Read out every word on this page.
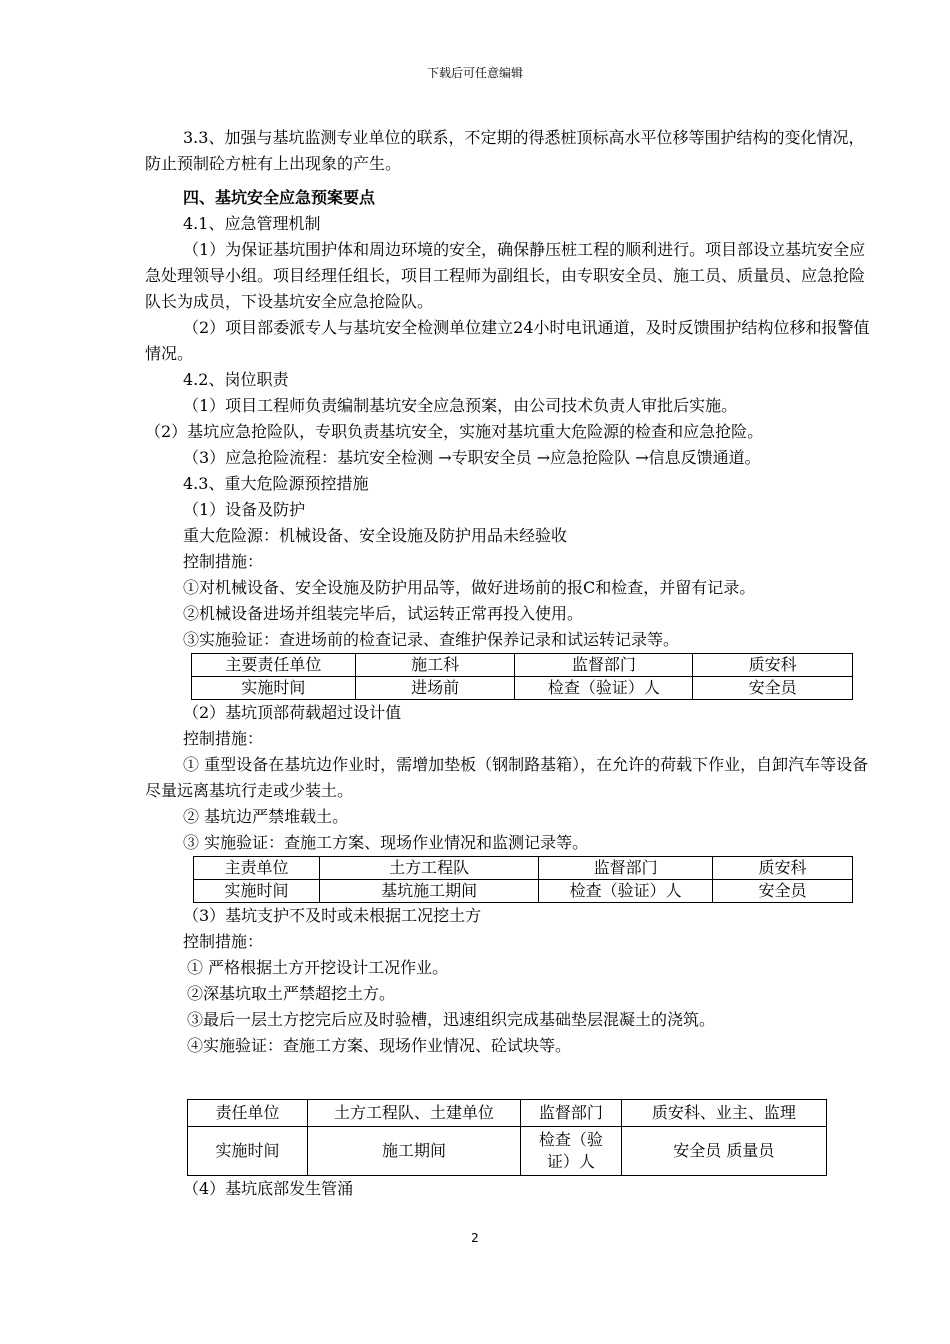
下载后可任意编辑

3.3、加强与基坑监测专业单位的联系，不定期的得悉桩顶标高水平位移等围护结构的变化情况，防止预制砼方桩有上出现象的产生。

四、基坑安全应急预案要点

4.1、应急管理机制

（1）为保证基坑围护体和周边环境的安全，确保静压桩工程的顺利进行。项目部设立基坑安全应急处理领导小组。项目经理任组长，项目工程师为副组长，由专职安全员、施工员、质量员、应急抢险队长为成员，下设基坑安全应急抢险队。

（2）项目部委派专人与基坑安全检测单位建立24小时电讯通道，及时反馈围护结构位移和报警值情况。

4.2、岗位职责

（1）项目工程师负责编制基坑安全应急预案，由公司技术负责人审批后实施。

（2）基坑应急抢险队，专职负责基坑安全，实施对基坑重大危险源的检查和应急抢险。

（3）应急抢险流程：基坑安全检测 →专职安全员 →应急抢险队 →信息反馈通道。

4.3、重大危险源预控措施

（1）设备及防护

重大危险源：机械设备、安全设施及防护用品未经验收

控制措施：

①对机械设备、安全设施及防护用品等，做好进场前的报C和检查，并留有记录。

②机械设备进场并组装完毕后，试运转正常再投入使用。

③实施验证：查进场前的检查记录、查维护保养记录和试运转记录等。

主要责任单位	施工科	监督部门	质安科
实施时间	进场前	检查（验证）人	安全员

（2）基坑顶部荷载超过设计值

控制措施：

① 重型设备在基坑边作业时，需增加垫板（钢制路基箱），在允许的荷载下作业，自卸汽车等设备尽量远离基坑行走或少装土。

② 基坑边严禁堆载土。

③ 实施验证：查施工方案、现场作业情况和监测记录等。

主责单位	土方工程队	监督部门	质安科
实施时间	基坑施工期间	检查（验证）人	安全员

（3）基坑支护不及时或未根据工况挖土方

控制措施：

① 严格根据土方开挖设计工况作业。

②深基坑取土严禁超挖土方。

③最后一层土方挖完后应及时验槽，迅速组织完成基础垫层混凝土的浇筑。

④实施验证：查施工方案、现场作业情况、砼试块等。

责任单位	土方工程队、土建单位	监督部门	质安科、业主、监理
实施时间	施工期间	检查（验证）人	安全员 质量员

（4）基坑底部发生管涌

2
